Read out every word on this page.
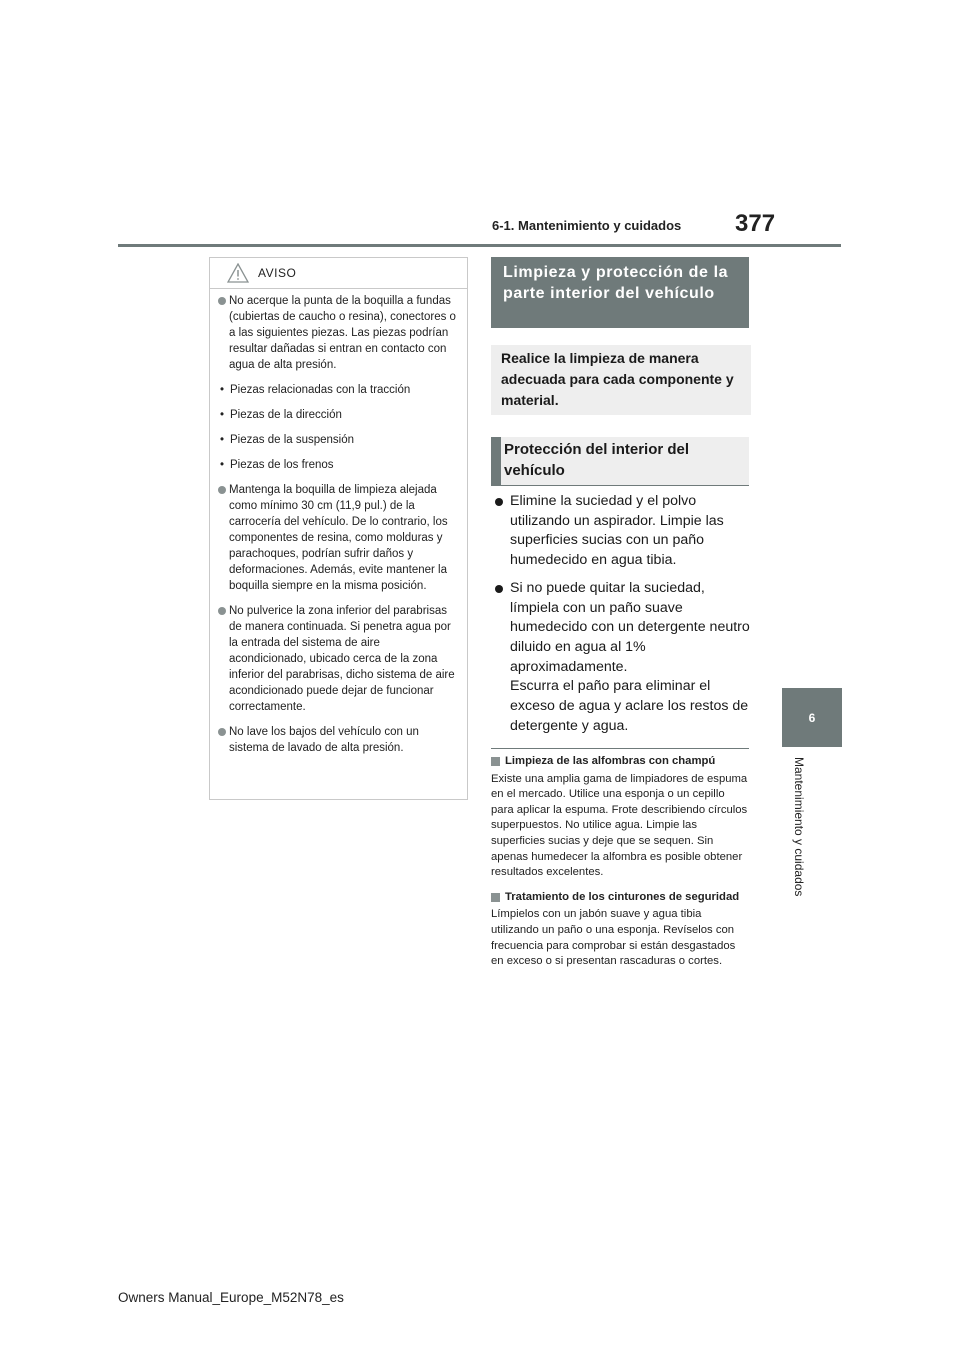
6-1. Mantenimiento y cuidados 377
6
Mantenimiento y cuidados
AVISO
No acerque la punta de la boquilla a fundas (cubiertas de caucho o resina), conectores o a las siguientes piezas. Las piezas podrían resultar dañadas si entran en contacto con agua de alta presión.
• Piezas relacionadas con la tracción
• Piezas de la dirección
• Piezas de la suspensión
• Piezas de los frenos
Mantenga la boquilla de limpieza alejada como mínimo 30 cm (11,9 pul.) de la carrocería del vehículo. De lo contrario, los componentes de resina, como molduras y parachoques, podrían sufrir daños y deformaciones. Además, evite mantener la boquilla siempre en la misma posición.
No pulverice la zona inferior del parabrisas de manera continuada. Si penetra agua por la entrada del sistema de aire acondicionado, ubicado cerca de la zona inferior del parabrisas, dicho sistema de aire acondicionado puede dejar de funcionar correctamente.
No lave los bajos del vehículo con un sistema de lavado de alta presión.
Limpieza y protección de la parte interior del vehículo
Realice la limpieza de manera adecuada para cada componente y material.
Protección del interior del vehículo
Elimine la suciedad y el polvo utilizando un aspirador. Limpie las superficies sucias con un paño humedecido en agua tibia.
Si no puede quitar la suciedad, límpiela con un paño suave humedecido con un detergente neutro diluido en agua al 1% aproximadamente.
Escurra el paño para eliminar el exceso de agua y aclare los restos de detergente y agua.
Limpieza de las alfombras con champú
Existe una amplia gama de limpiadores de espuma en el mercado. Utilice una esponja o un cepillo para aplicar la espuma. Frote describiendo círculos superpuestos. No utilice agua. Limpie las superficies sucias y deje que se sequen. Sin apenas humedecer la alfombra es posible obtener resultados excelentes.
Tratamiento de los cinturones de seguridad
Límpielos con un jabón suave y agua tibia utilizando un paño o una esponja. Revíselos con frecuencia para comprobar si están desgastados en exceso o si presentan rascaduras o cortes.
Owners Manual_Europe_M52N78_es
